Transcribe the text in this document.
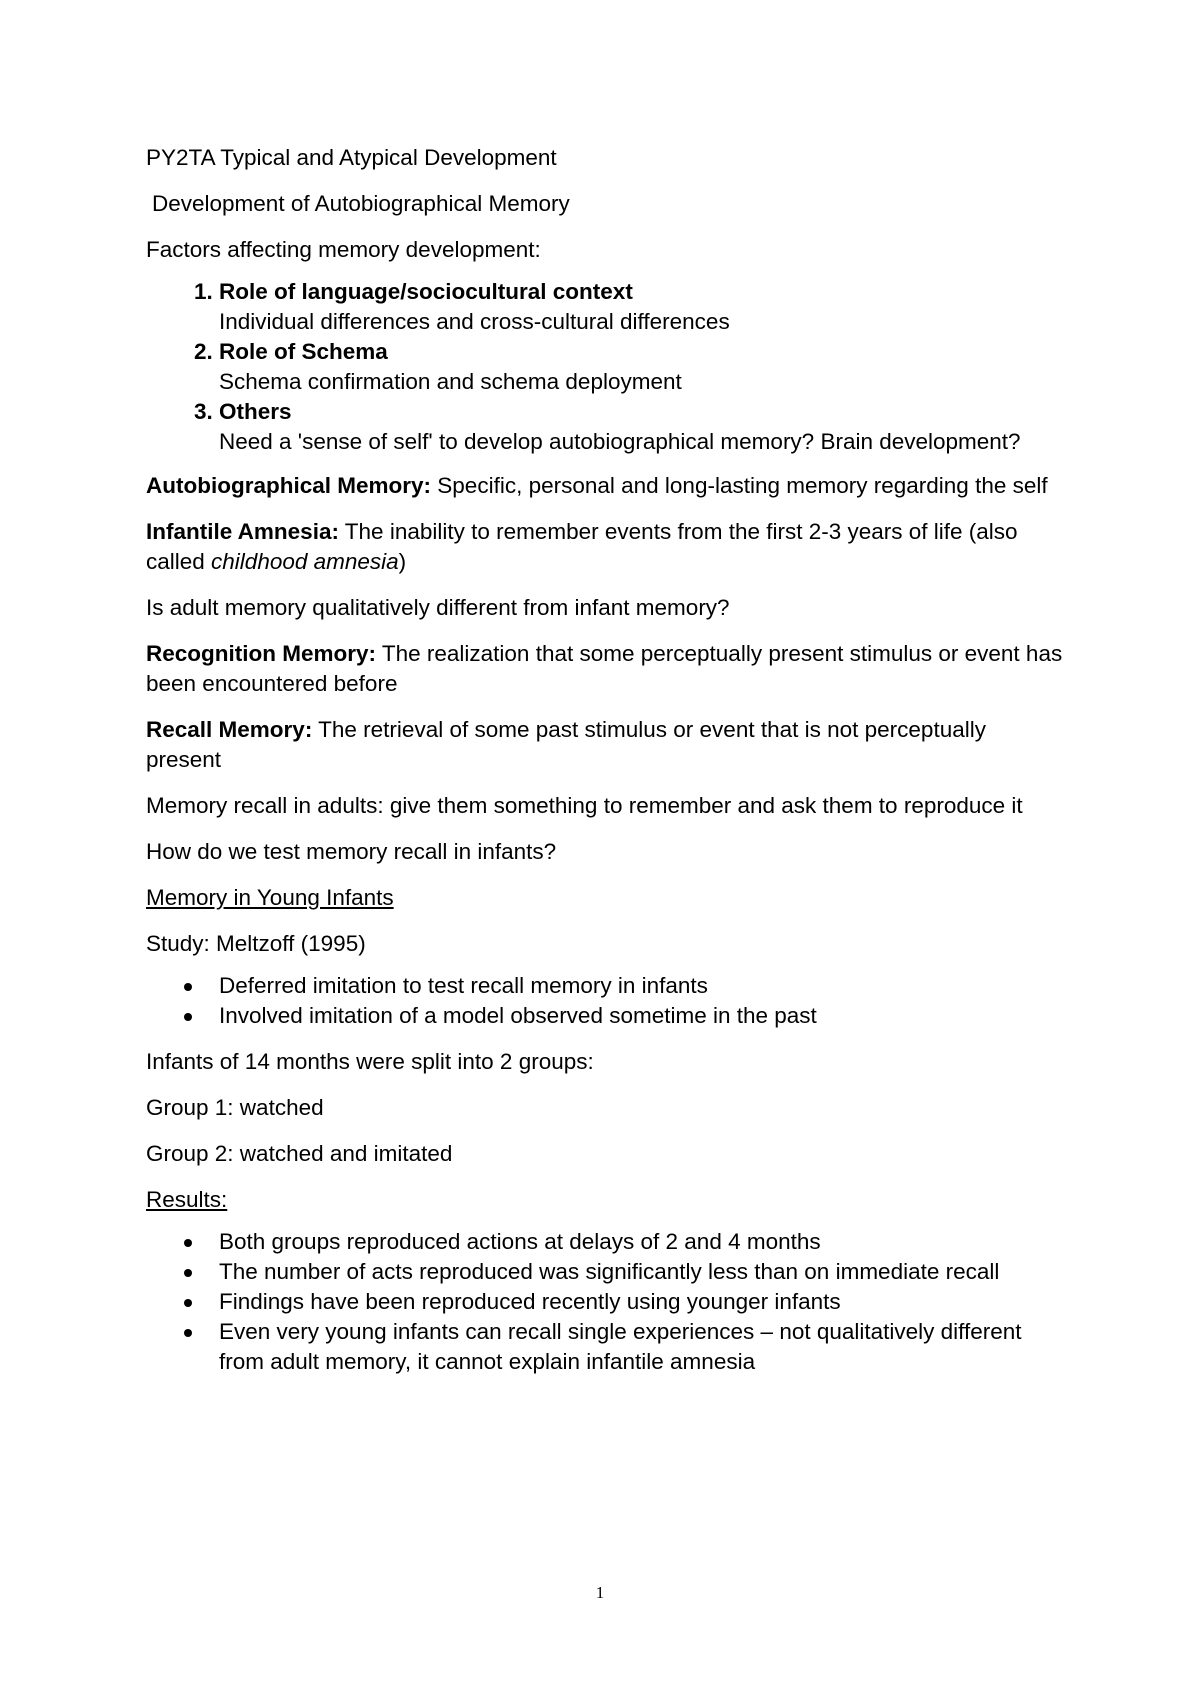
PY2TA Typical and Atypical Development

Development of Autobiographical Memory

Factors affecting memory development:

1. Role of language/sociocultural context
Individual differences and cross-cultural differences
2. Role of Schema
Schema confirmation and schema deployment
3. Others
Need a 'sense of self' to develop autobiographical memory? Brain development?

Autobiographical Memory: Specific, personal and long-lasting memory regarding the self

Infantile Amnesia: The inability to remember events from the first 2-3 years of life (also called childhood amnesia)

Is adult memory qualitatively different from infant memory?

Recognition Memory: The realization that some perceptually present stimulus or event has been encountered before

Recall Memory: The retrieval of some past stimulus or event that is not perceptually present

Memory recall in adults: give them something to remember and ask them to reproduce it

How do we test memory recall in infants?

Memory in Young Infants

Study: Meltzoff (1995)

Deferred imitation to test recall memory in infants
Involved imitation of a model observed sometime in the past

Infants of 14 months were split into 2 groups:

Group 1: watched

Group 2: watched and imitated

Results:

Both groups reproduced actions at delays of 2 and 4 months
The number of acts reproduced was significantly less than on immediate recall
Findings have been reproduced recently using younger infants
Even very young infants can recall single experiences – not qualitatively different from adult memory, it cannot explain infantile amnesia
1
